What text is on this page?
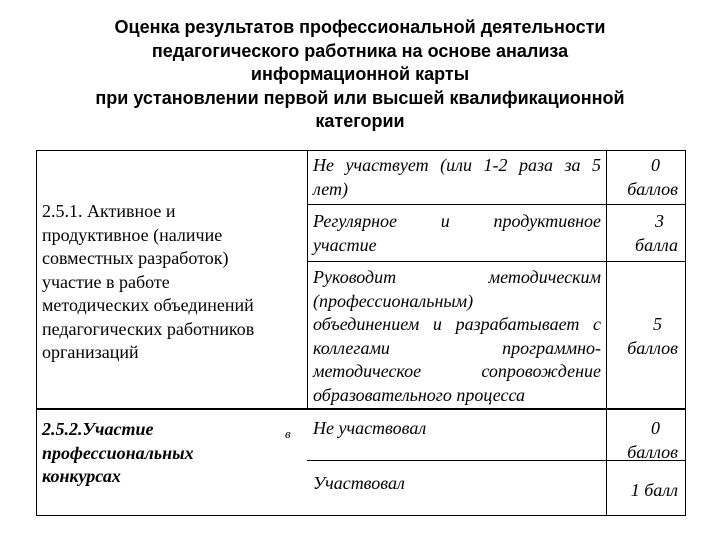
Оценка результатов профессиональной деятельности
педагогического работника на основе анализа
информационной карты
при установлении первой или высшей квалификационной
категории
2.5.1. Активное и
продуктивное (наличие
совместных разработок)
участие в работе
методических объединений
педагогических работников
организаций
Не участвует (или 1-2 раза за 5
лет)
0
баллов
Регулярное и продуктивное
участие
3
балла
Руководит методическим
(профессиональным)
объединением и разрабатывает с
коллегами программно-
методическое сопровождение
образовательного процесса
5
баллов
2.5.2.Участие
профессиональных
конкурсах
в Не участвовал	0
баллов
Участвовал	1 балл
